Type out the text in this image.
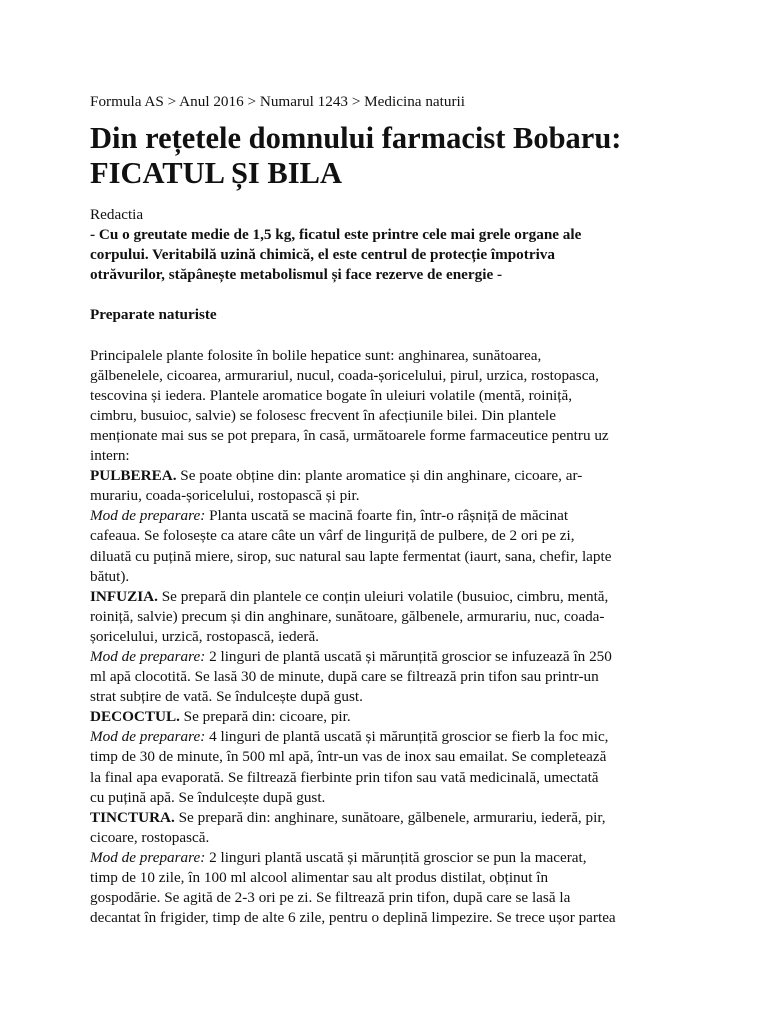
Formula AS > Anul 2016 > Numarul 1243 > Medicina naturii
Din rețetele domnului farmacist Bobaru:
FICATUL ȘI BILA
Redactia
- Cu o greutate medie de 1,5 kg, ficatul este printre cele mai grele organe ale
corpului. Veritabilă uzină chimică, el este centrul de protecție împotriva
otrăvurilor, stăpânește metabolismul și face rezerve de energie -
Preparate naturiste
Principalele plante folosite în bolile hepatice sunt: anghinarea, sunătoarea,
gălbenelele, cicoarea, armurariul, nucul, coada-șoricelului, pirul, urzica, rostopasca,
tescovina și iedera. Plantele aromatice bogate în uleiuri volatile (mentă, roiniță,
cimbru, busuioc, salvie) se folosesc frecvent în afecțiunile bilei. Din plantele
menționate mai sus se pot prepara, în casă, următoarele forme farmaceutice pentru uz
intern:
PULBEREA. Se poate obține din: plante aromatice și din anghinare, cicoare, ar-
murariu, coada-șoricelului, rostopască și pir.
Mod de preparare: Planta uscată se macină foarte fin, într-o râșniță de măcinat
cafeaua. Se folosește ca atare câte un vârf de linguriță de pulbere, de 2 ori pe zi,
diluată cu puțină miere, sirop, suc natural sau lapte fermentat (iaurt, sana, chefir, lapte
bătut).
INFUZIA. Se prepară din plantele ce conțin uleiuri volatile (busuioc, cimbru, mentă,
roiniță, salvie) precum și din anghinare, sunătoare, gălbenele, armurariu, nuc, coada-
șoricelului, urzică, rostopască, iederă.
Mod de preparare: 2 linguri de plantă uscată și mărunțită groscior se infuzează în 250
ml apă clocotită. Se lasă 30 de minute, după care se filtrează prin tifon sau printr-un
strat subțire de vată. Se îndulcește după gust.
DECOCTUL. Se prepară din: cicoare, pir.
Mod de preparare: 4 linguri de plantă uscată și mărunțită groscior se fierb la foc mic,
timp de 30 de minute, în 500 ml apă, într-un vas de inox sau emailat. Se completează
la final apa evaporată. Se filtrează fierbinte prin tifon sau vată medicinală, umectată
cu puțină apă. Se îndulcește după gust.
TINCTURA. Se prepară din: anghinare, sunătoare, gălbenele, armurariu, iederă, pir,
cicoare, rostopască.
Mod de preparare: 2 linguri plantă uscată și mărunțită groscior se pun la macerat,
timp de 10 zile, în 100 ml alcool alimentar sau alt produs distilat, obținut în
gospodărie. Se agită de 2-3 ori pe zi. Se filtrează prin tifon, după care se lasă la
decantat în frigider, timp de alte 6 zile, pentru o deplină limpezire. Se trece ușor partea
